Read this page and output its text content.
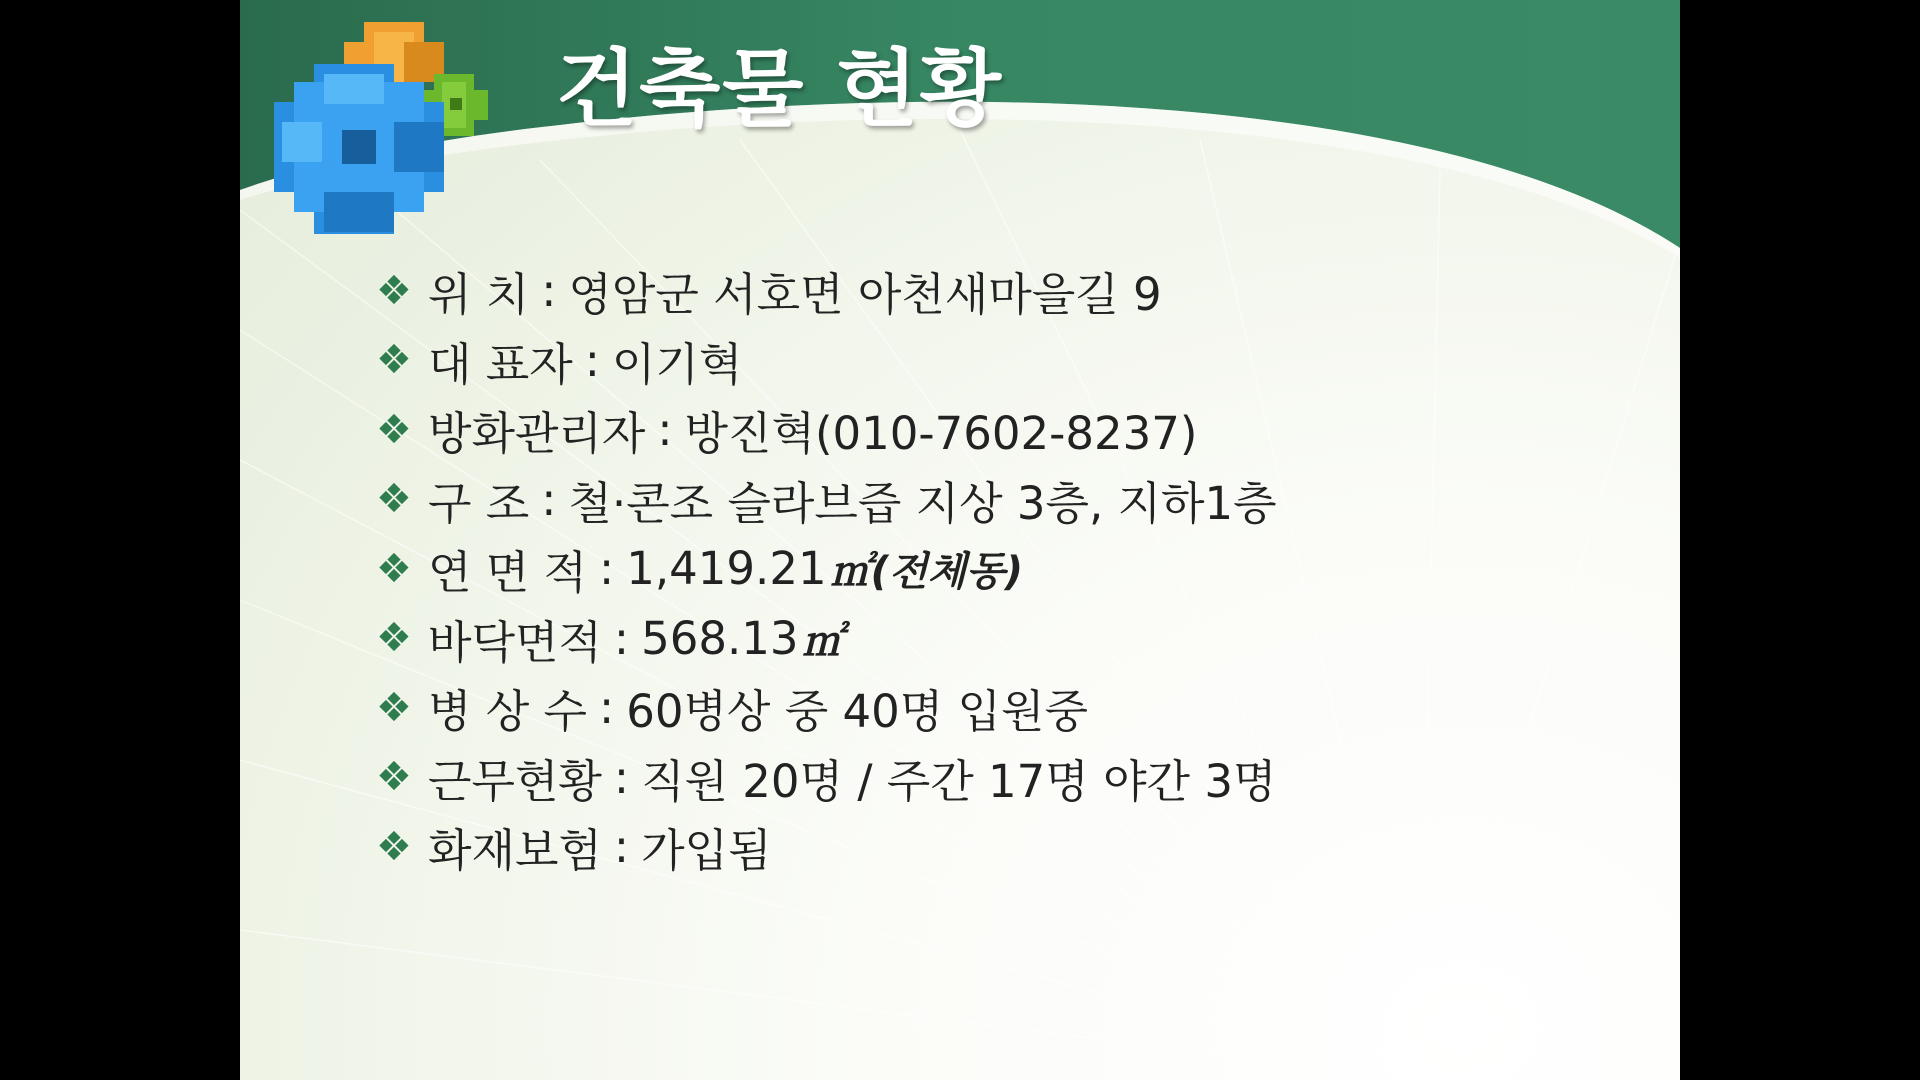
건축물 현황
❖ 위 치 : 영암군 서호면 아천새마을길 9
❖ 대 표자 : 이기혁
❖ 방화관리자 : 방진혁(010-7602-8237)
❖ 구 조 : 철·콘조 슬라브즙 지상 3층, 지하1층
❖ 연 면 적 : 1,419.21 ㎡(전체동)
❖ 바닥면적 : 568.13 ㎡
❖ 병 상 수 : 60병상 중 40명 입원중
❖ 근무현황 : 직원 20명 / 주간 17명 야간 3명
❖ 화재보험 : 가입됨
